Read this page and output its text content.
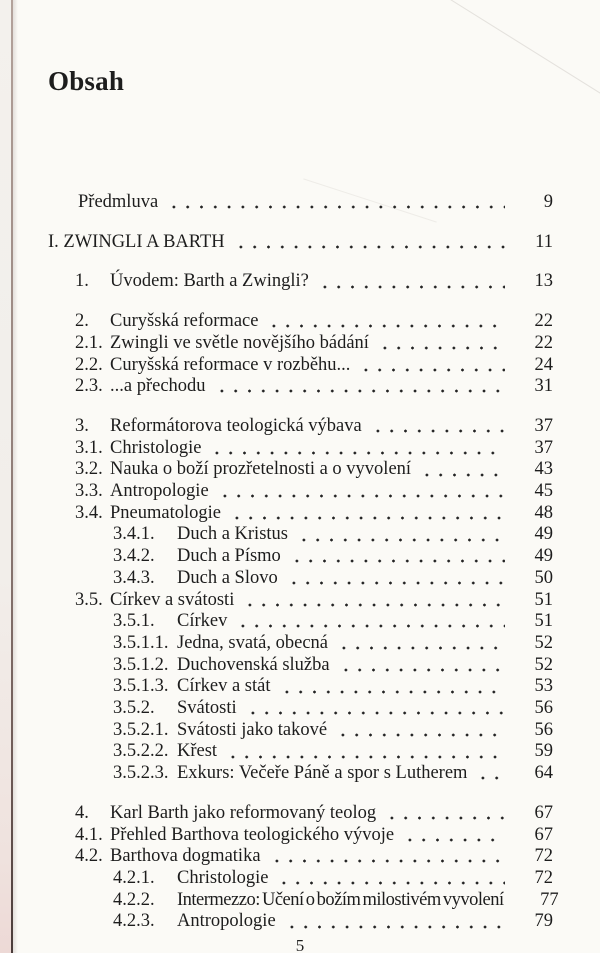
Obsah
Předmluva	9
I. ZWINGLI A BARTH	11
1.	Úvodem: Barth a Zwingli?	13
2.	Curyšská reformace	22
2.1. Zwingli ve světle novějšího bádání	22
2.2. Curyšská reformace v rozběhu...	24
2.3. ...a přechodu	31
3.	Reformátorova teologická výbava	37
3.1. Christologie	37
3.2. Nauka o boží prozřetelnosti a o vyvolení	43
3.3. Antropologie	45
3.4. Pneumatologie	48
3.4.1.	Duch a Kristus	49
3.4.2.	Duch a Písmo	49
3.4.3.	Duch a Slovo	50
3.5. Církev a svátosti	51
3.5.1.	Církev	51
3.5.1.1. Jedna, svatá, obecná	52
3.5.1.2. Duchovenská služba	52
3.5.1.3. Církev a stát	53
3.5.2.	Svátosti	56
3.5.2.1. Svátosti jako takové	56
3.5.2.2. Křest	59
3.5.2.3. Exkurs: Večeře Páně a spor s Lutherem	64
4.	Karl Barth jako reformovaný teolog	67
4.1. Přehled Barthova teologického vývoje	67
4.2. Barthova dogmatika	72
4.2.1.	Christologie	72
4.2.2.	Intermezzo: Učení o božím milostivém vyvolení	77
4.2.3.	Antropologie	79
5
